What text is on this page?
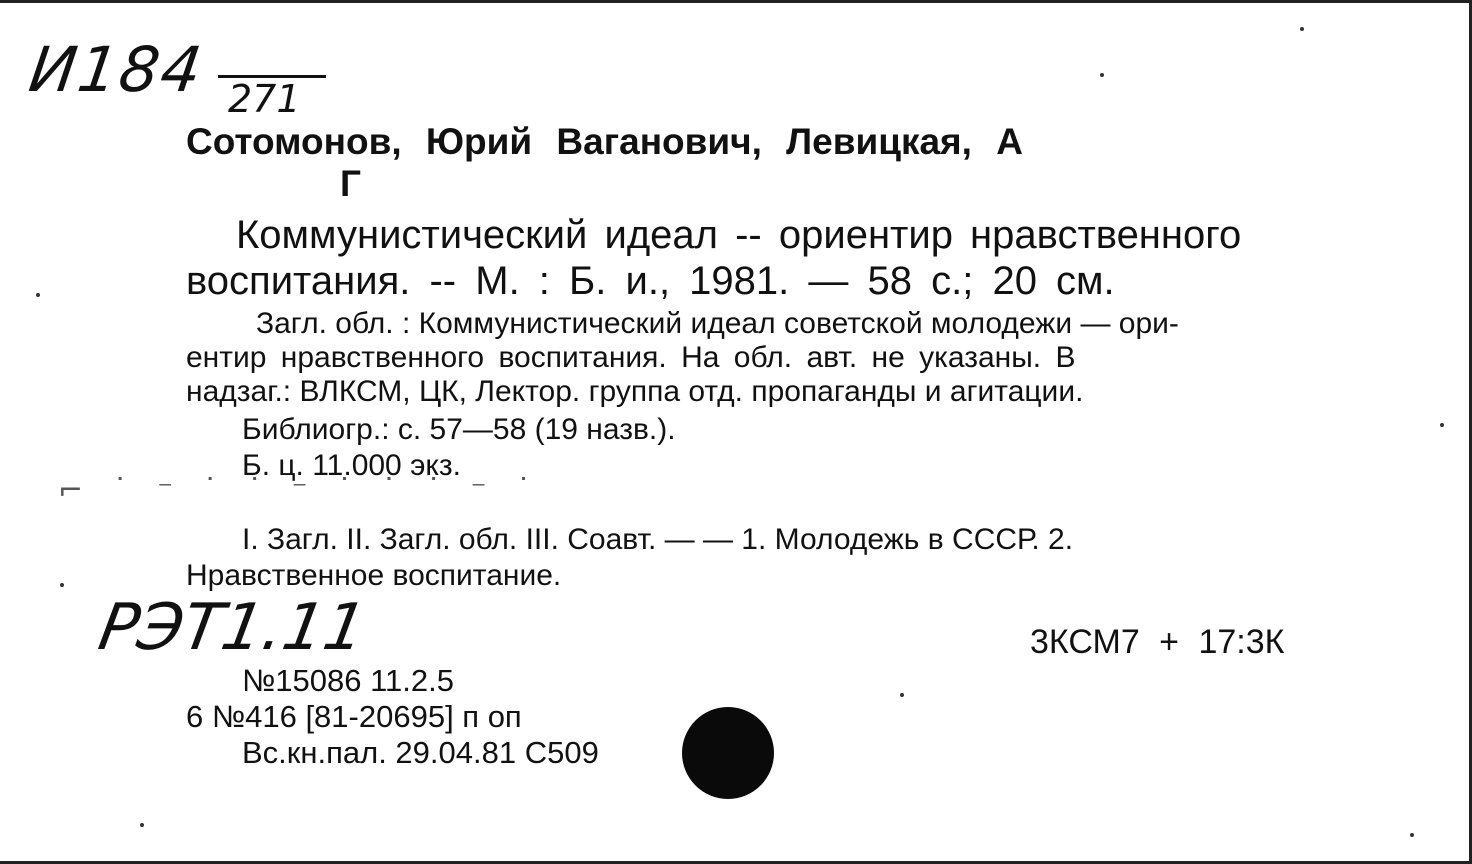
И184 271
Сотомонов, Юрий Ваганович, Левицкая, А
Г
Коммунистический идеал -- ориентир нравственного
воспитания. -- М. : Б. и., 1981. — 58 с.; 20 см.
Загл. обл. : Коммунистический идеал советской молодежи — ори-
ентир нравственного воспитания. На обл. авт. не указаны. В
надзаг.: ВЛКСМ, ЦК, Лектор. группа отд. пропаганды и агитации.
Библиогр.: с. 57—58 (19 назв.).
Б. ц. 11.000 экз.
⌐ ˙ ⁻ ˙ ˙ ⁻ ˙ ˙ ˙ ⁻ ˙
I. Загл. II. Загл. обл. III. Соавт. — — 1. Молодежь в СССР. 2.
Нравственное воспитание.
РЭТ1.11	3КСМ7 + 17:3К
№15086 11.2.5
6 №416 [81-20695] п оп
Вс.кн.пал. 29.04.81 С509
